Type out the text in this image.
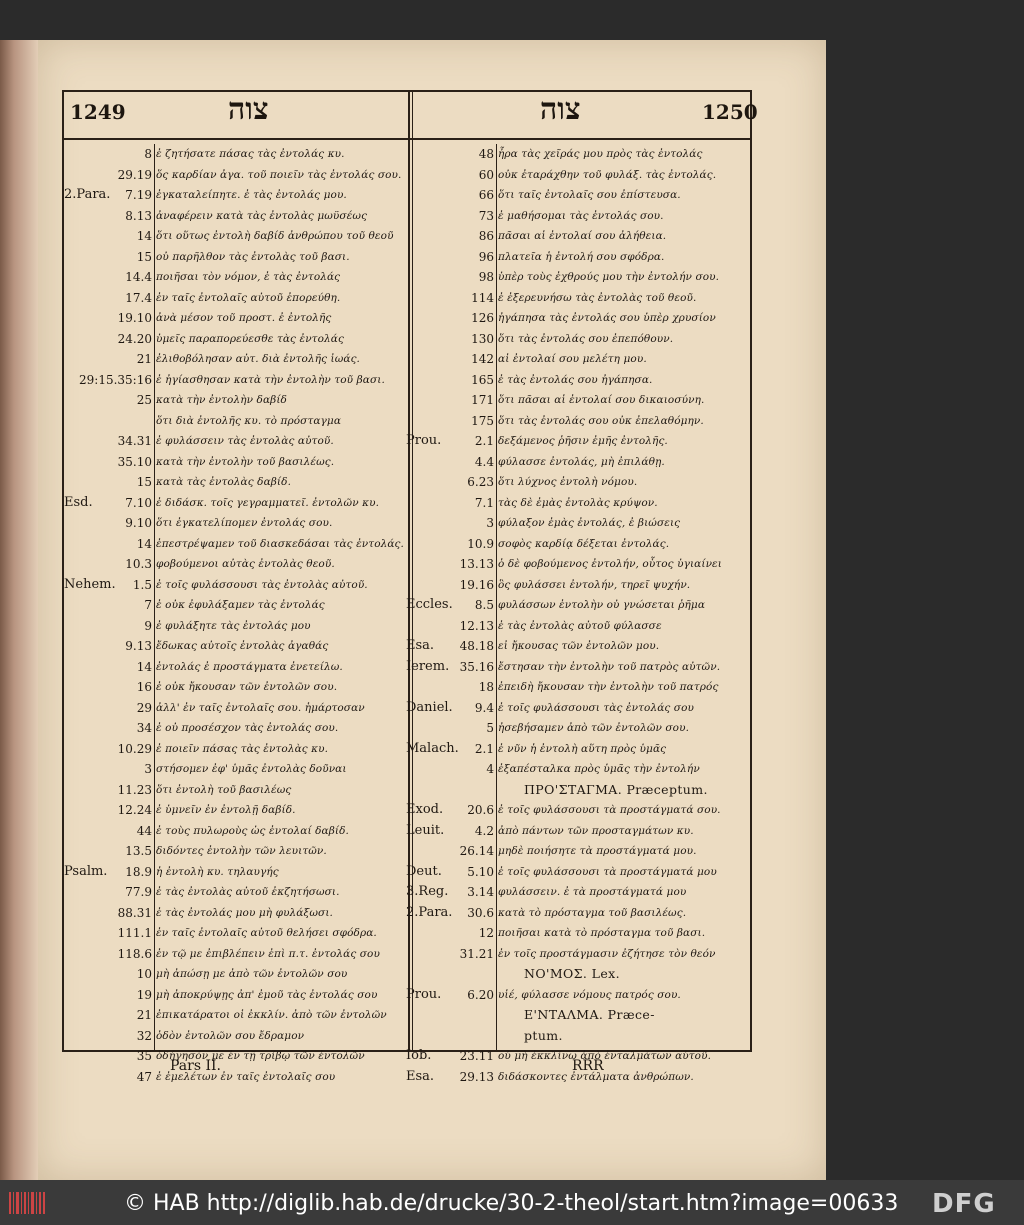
1249	צוה	צוה	1250
8 ἐ ζητήσατε πάσας τὰς ἐντολάς κυ.
29.19 ὅς καρδίαν ἀγα. τοῦ ποιεῖν τὰς ἐντολάς σου.
2.Para.	7.19 ἐγκαταλείπητε. ἐ τὰς ἐντολάς μου.
8.13 ἀναφέρειν κατὰ τὰς ἐντολὰς μωϋσέως
14 ὅτι οὕτως ἐντολὴ δαβίδ ἀνθρώπου τοῦ θεοῦ
15 οὐ παρῆλθον τὰς ἐντολὰς τοῦ βασι.
14.4 ποιῆσαι τὸν νόμον, ἐ τὰς ἐντολάς
17.4 ἐν ταῖς ἐντολαῖς αὐτοῦ ἐπορεύθη.
19.10 ἀνὰ μέσον τοῦ προστ. ἐ ἐντολῆς
24.20 ὑμεῖς παραπορεύεσθε τὰς ἐντολάς
21 ἐλιθοβόλησαν αὐτ. διὰ ἐντολῆς ἰωάς.
29:15.35:16 ἐ ἠγίασθησαν κατὰ τὴν ἐντολὴν τοῦ βασι.
25 κατὰ τὴν ἐντολὴν δαβίδ
ὅτι διὰ ἐντολῆς κυ. τὸ πρόσταγμα
34.31 ἐ φυλάσσειν τὰς ἐντολὰς αὐτοῦ.
35.10 κατὰ τὴν ἐντολὴν τοῦ βασιλέως.
15 κατὰ τὰς ἐντολὰς δαβίδ.
Esd.	7.10 ἐ διδάσκ. τοῖς γεγραμματεῖ. ἐντολῶν κυ.
9.10 ὅτι ἐγκατελίπομεν ἐντολάς σου.
14 ἐπεστρέψαμεν τοῦ διασκεδάσαι τὰς ἐντολάς.
10.3 φοβούμενοι αὐτὰς ἐντολὰς θεοῦ.
Nehem.	1.5 ἐ τοῖς φυλάσσουσι τὰς ἐντολὰς αὐτοῦ.
7 ἐ οὐκ ἐφυλάξαμεν τὰς ἐντολάς
9 ἐ φυλάξητε τὰς ἐντολάς μου
9.13 ἔδωκας αὐτοῖς ἐντολὰς ἀγαθάς
14 ἐντολάς ἐ προστάγματα ἐνετείλω.
16 ἐ οὐκ ἤκουσαν τῶν ἐντολῶν σου.
29 ἀλλ' ἐν ταῖς ἐντολαῖς σου. ἡμάρτοσαν
34 ἐ οὐ προσέσχον τὰς ἐντολάς σου.
10.29 ἐ ποιεῖν πάσας τὰς ἐντολὰς κυ.
3 στήσομεν ἐφ' ὑμᾶς ἐντολὰς δοῦναι
11.23 ὅτι ἐντολὴ τοῦ βασιλέως
12.24 ἐ ὑμνεῖν ἐν ἐντολῇ δαβίδ.
44 ἐ τοὺς πυλωροὺς ὡς ἐντολαί δαβίδ.
13.5 διδόντες ἐντολὴν τῶν λευιτῶν.
Psalm.	18.9 ἡ ἐντολὴ κυ. τηλαυγής
77.9 ἐ τὰς ἐντολὰς αὐτοῦ ἐκζητήσωσι.
88.31 ἐ τὰς ἐντολάς μου μὴ φυλάξωσι.
111.1 ἐν ταῖς ἐντολαῖς αὐτοῦ θελήσει σφόδρα.
118.6 ἐν τῷ με ἐπιβλέπειν ἐπὶ π.τ. ἐντολάς σου
10 μὴ ἀπώσῃ με ἀπὸ τῶν ἐντολῶν σου
19 μὴ ἀποκρύψῃς ἀπ' ἐμοῦ τὰς ἐντολάς σου
21 ἐπικατάρατοι οἱ ἐκκλίν. ἀπὸ τῶν ἐντολῶν
32 ὁδὸν ἐντολῶν σου ἔδραμον
35 ὁδήγησόν με ἐν τῇ τρίβῳ τῶν ἐντολῶν
47 ἐ ἐμελέτων ἐν ταῖς ἐντολαῖς σου
48 ἦρα τὰς χεῖράς μου πρὸς τὰς ἐντολάς
60 οὐκ ἐταράχθην τοῦ φυλάξ. τὰς ἐντολάς.
66 ὅτι ταῖς ἐντολαῖς σου ἐπίστευσα.
73 ἐ μαθήσομαι τὰς ἐντολάς σου.
86 πᾶσαι αἱ ἐντολαί σου ἀλήθεια.
96 πλατεῖα ἡ ἐντολή σου σφόδρα.
98 ὑπὲρ τοὺς ἐχθρούς μου τὴν ἐντολήν σου.
114 ἐ ἐξερευνήσω τὰς ἐντολὰς τοῦ θεοῦ.
126 ἠγάπησα τὰς ἐντολάς σου ὑπὲρ χρυσίον
130 ὅτι τὰς ἐντολάς σου ἐπεπόθουν.
142 αἱ ἐντολαί σου μελέτη μου.
165 ἐ τὰς ἐντολάς σου ἠγάπησα.
171 ὅτι πᾶσαι αἱ ἐντολαί σου δικαιοσύνη.
175 ὅτι τὰς ἐντολάς σου οὐκ ἐπελαθόμην.
Prou.	2.1 δεξάμενος ῥῆσιν ἐμῆς ἐντολῆς.
4.4 φύλασσε ἐντολάς, μὴ ἐπιλάθῃ.
6.23 ὅτι λύχνος ἐντολὴ νόμου.
7.1 τὰς δὲ ἐμὰς ἐντολὰς κρύψον.
3 φύλαξον ἐμὰς ἐντολάς, ἐ βιώσεις
10.9 σοφὸς καρδίᾳ δέξεται ἐντολάς.
13.13 ὁ δὲ φοβούμενος ἐντολήν, οὗτος ὑγιαίνει
19.16 ὃς φυλάσσει ἐντολήν, τηρεῖ ψυχήν.
Eccles.	8.5 φυλάσσων ἐντολὴν οὐ γνώσεται ῥῆμα
12.13 ἐ τὰς ἐντολὰς αὐτοῦ φύλασσε
Esa.	48.18 εἰ ἤκουσας τῶν ἐντολῶν μου.
Ierem. 35.16 ἔστησαν τὴν ἐντολὴν τοῦ πατρὸς αὐτῶν.
18 ἐπειδὴ ἤκουσαν τὴν ἐντολὴν τοῦ πατρός
Daniel.	9.4 ἐ τοῖς φυλάσσουσι τὰς ἐντολάς σου
5 ἠσεβήσαμεν ἀπὸ τῶν ἐντολῶν σου.
Malach.	2.1 ἐ νῦν ἡ ἐντολὴ αὕτη πρὸς ὑμᾶς
4 ἐξαπέσταλκα πρὸς ὑμᾶς τὴν ἐντολήν
ΠΡΟ'ΣΤΑΓΜΑ. Præceptum.
Exod.	20.6 ἐ τοῖς φυλάσσουσι τὰ προστάγματά σου.
Leuit.	4.2 ἀπὸ πάντων τῶν προσταγμάτων κυ.
26.14 μηδὲ ποιήσητε τὰ προστάγματά μου.
Deut.	5.10 ἐ τοῖς φυλάσσουσι τὰ προστάγματά μου
3.Reg.	3.14 φυλάσσειν. ἐ τὰ προστάγματά μου
2.Para.	30.6 κατὰ τὸ πρόσταγμα τοῦ βασιλέως.
12 ποιῆσαι κατὰ τὸ πρόσταγμα τοῦ βασι.
31.21 ἐν τοῖς προστάγμασιν ἐζήτησε τὸν θεόν
ΝΟ'ΜΟΣ. Lex.
Prou.	6.20 υἱέ, φύλασσε νόμους πατρός σου.
E'ΝΤΑΛΜΑ. Præce-
ptum.
Iob.	23.11 οὐ μὴ ἐκκλίνω ἀπὸ ἐνταλμάτων αὐτοῦ.
Esa.	29.13 διδάσκοντες ἐντάλματα ἀνθρώπων.
Pars II.	RRR
© HAB http://diglib.hab.de/drucke/30-2-theol/start.htm?image=00633 DFG
